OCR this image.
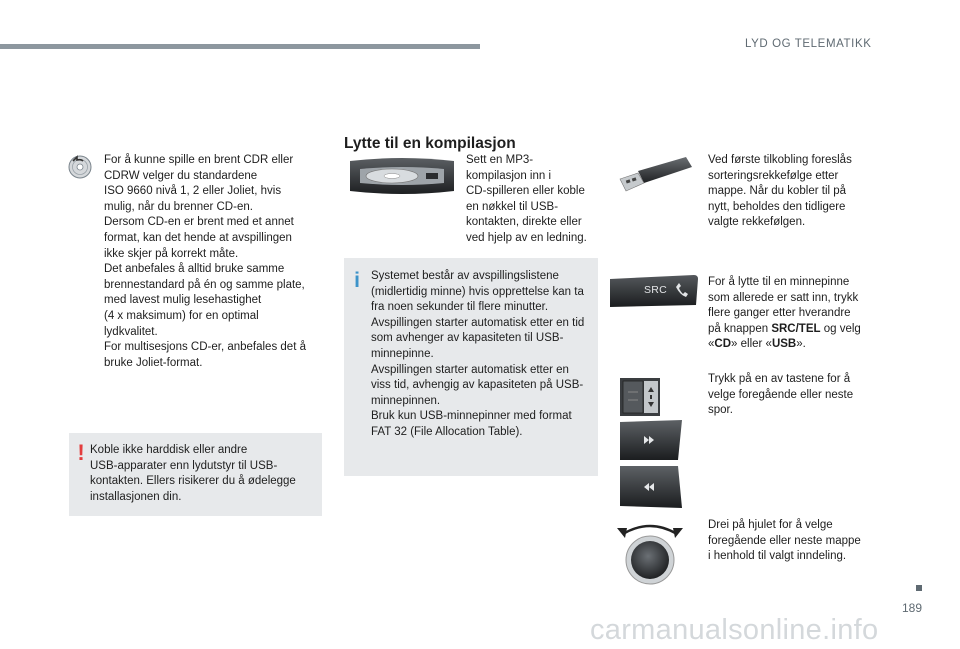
LYD OG TELEMATIKK

For å kunne spille en brent CDR eller

CDRW velger du standardene

ISO 9660 nivå 1, 2 eller Joliet, hvis

mulig, når du brenner CD-en.

Dersom CD-en er brent med et annet

format, kan det hende at avspillingen

ikke skjer på korrekt måte.

Det anbefales å alltid bruke samme

brennestandard på én og samme plate,

med lavest mulig lesehastighet

(4 x maksimum) for en optimal

lydkvalitet.

For multisesjons CD-er, anbefales det å

bruke Joliet-format.

! Koble ikke harddisk eller andre

USB-apparater enn lydutstyr til USB-

kontakten. Ellers risikerer du å ødelegge

installasjonen din.

Lytte til en kompilasjon

Sett en MP3-

kompilasjon inn i

CD-spilleren eller koble

en nøkkel til USB-

kontakten, direkte eller

ved hjelp av en ledning.

i Systemet består av avspillingslistene

(midlertidig minne) hvis opprettelse kan ta

fra noen sekunder til flere minutter.

Avspillingen starter automatisk etter en tid

som avhenger av kapasiteten til USB-

minnepinne.

Avspillingen starter automatisk etter en

viss tid, avhengig av kapasiteten på USB-

minnepinnen.

Bruk kun USB-minnepinner med format

FAT 32 (File Allocation Table).

Ved første tilkobling foreslås

sorteringsrekkefølge etter

mappe. Når du kobler til på

nytt, beholdes den tidligere

valgte rekkefølgen.

SRC

For å lytte til en minnepinne

som allerede er satt inn, trykk

flere ganger etter hverandre

på knappen SRC/TEL og velg

«CD» eller «USB».

Trykk på en av tastene for å

velge foregående eller neste

spor.

Drei på hjulet for å velge

foregående eller neste mappe

i henhold til valgt inndeling.

189
carmanualsonline.info
